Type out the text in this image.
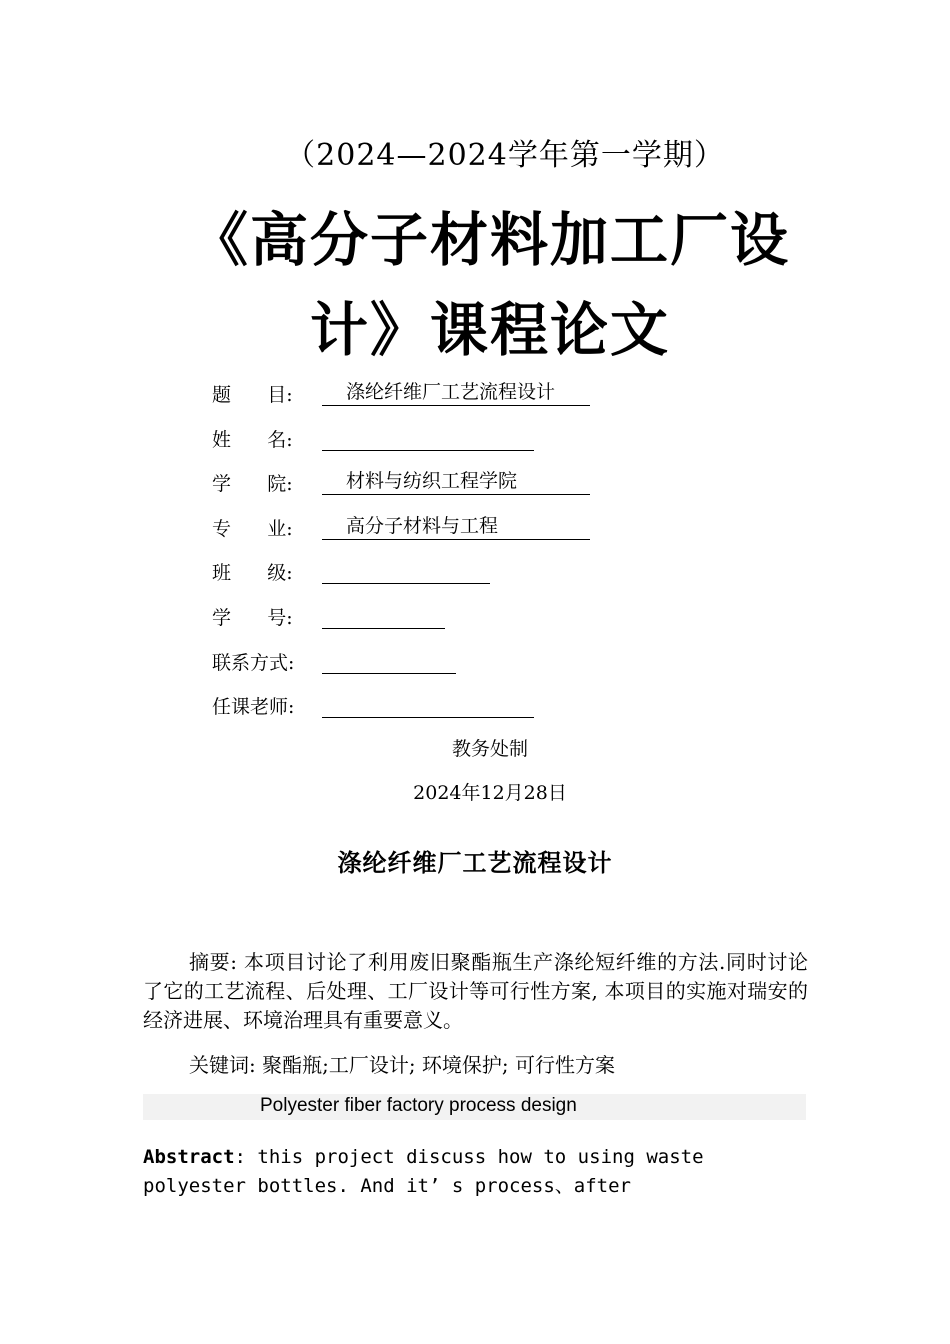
（2024—2024学年第一学期）
《高分子材料加工厂设
计》课程论文
题      目:	涤纶纤维厂工艺流程设计
姓      名:
学      院:	材料与纺织工程学院
专      业:	高分子材料与工程
班      级:
学      号:
联系方式:
任课老师:
教务处制
2024年12月28日
涤纶纤维厂工艺流程设计
摘要: 本项目讨论了利用废旧聚酯瓶生产涤纶短纤维的方法.同时讨论了它的工艺流程、后处理、工厂设计等可行性方案, 本项目的实施对瑞安的经济进展、环境治理具有重要意义。
关键词: 聚酯瓶;工厂设计; 环境保护; 可行性方案
Polyester fiber factory process design
Abstract: this project discuss how to using waste
polyester bottles. And it’ s process、after
